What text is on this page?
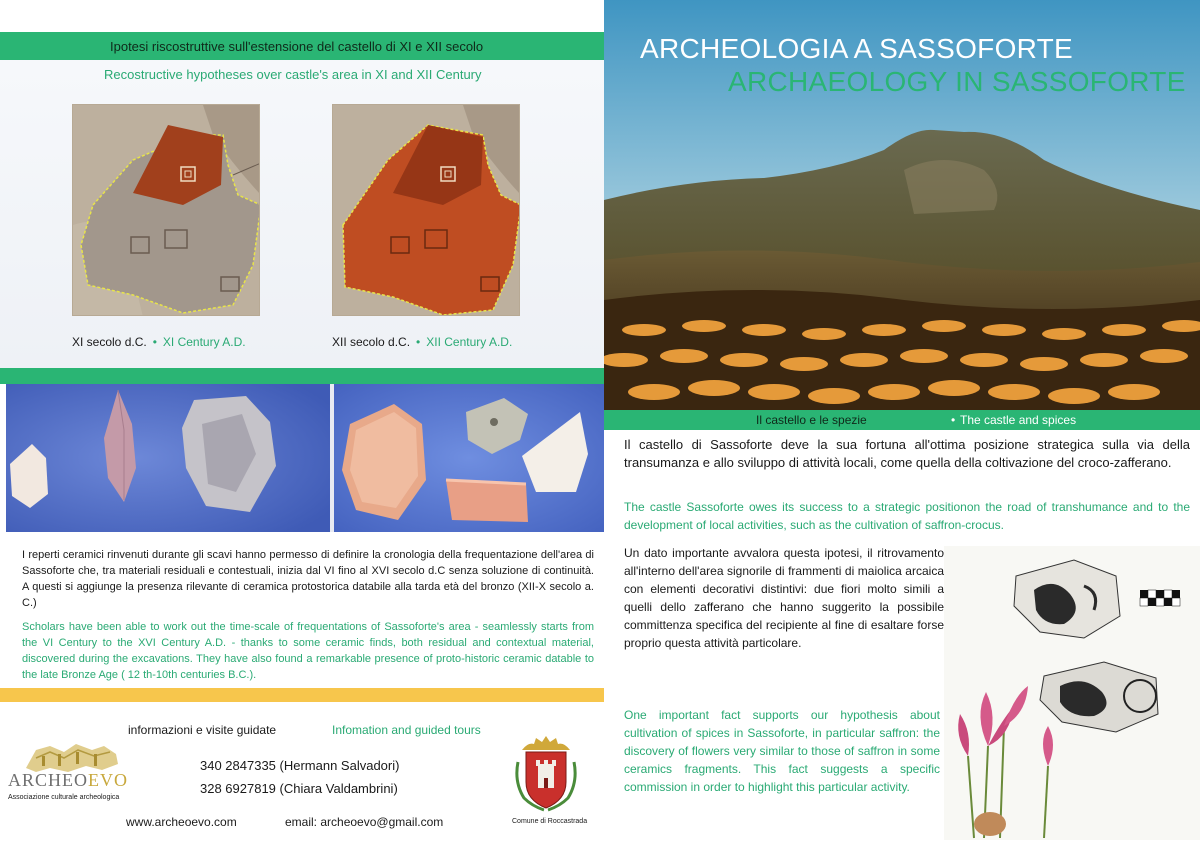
Ipotesi riscostruttive sull'estensione del castello di XI e XII secolo
Recostructive hypotheses over castle's area in XI and XII Century
XI secolo d.C. • XI Century A.D.	XII secolo d.C. • XII Century A.D.
I reperti ceramici rinvenuti durante gli scavi hanno permesso di definire la cronologia della frequentazione dell'area di Sassoforte che, tra materiali residuali e contestuali, inizia dal VI fino al XVI secolo d.C senza soluzione di continuità. A questi si aggiunge la presenza rilevante di ceramica protostorica databile alla tarda età del bronzo (XII-X secolo a. C.)
Scholars have been able to work out the time-scale of frequentations of Sassoforte's area - seamlessly starts from the VI Century to the XVI Century A.D. - thanks to some ceramic finds, both residual and contextual material, discovered during the excavations. They have also found a remarkable presence of proto-historic ceramic datable to the late Bronze Age ( 12 th-10th centuries B.C.).
ARCHEOEVO
Associazione culturale archeologica
informazioni e visite guidate	Infomation and guided tours
340 2847335 (Hermann Salvadori)
328 6927819 (Chiara Valdambrini)
www.archeoevo.com	email: archeoevo@gmail.com	Comune di Roccastrada
ARCHEOLOGIA A SASSOFORTE
ARCHAEOLOGY IN SASSOFORTE
Il castello e le spezie	• The castle and spices
Il castello di Sassoforte deve la sua fortuna all'ottima posizione strategica sulla via della transumanza e allo sviluppo di attività locali, come quella della coltivazione del croco-zafferano.
The castle Sassoforte owes its success to a strategic positionon the road of transhumance and to the development of local activities, such as the cultivation of saffron-crocus.
Un dato importante avvalora questa ipotesi, il ritrovamento all'interno dell'area signorile di frammenti di maiolica arcaica con elementi decorativi distintivi: due fiori molto simili a quelli dello zafferano che hanno suggerito la possibile committenza specifica del recipiente al fine di esaltare forse proprio questa attività particolare.
One important fact supports our hypothesis about cultivation of spices in Sassoforte, in particular saffron: the discovery of flowers very similar to those of saffron in some ceramics fragments. This fact suggests a specific commission in order to highlight this particular activity.
